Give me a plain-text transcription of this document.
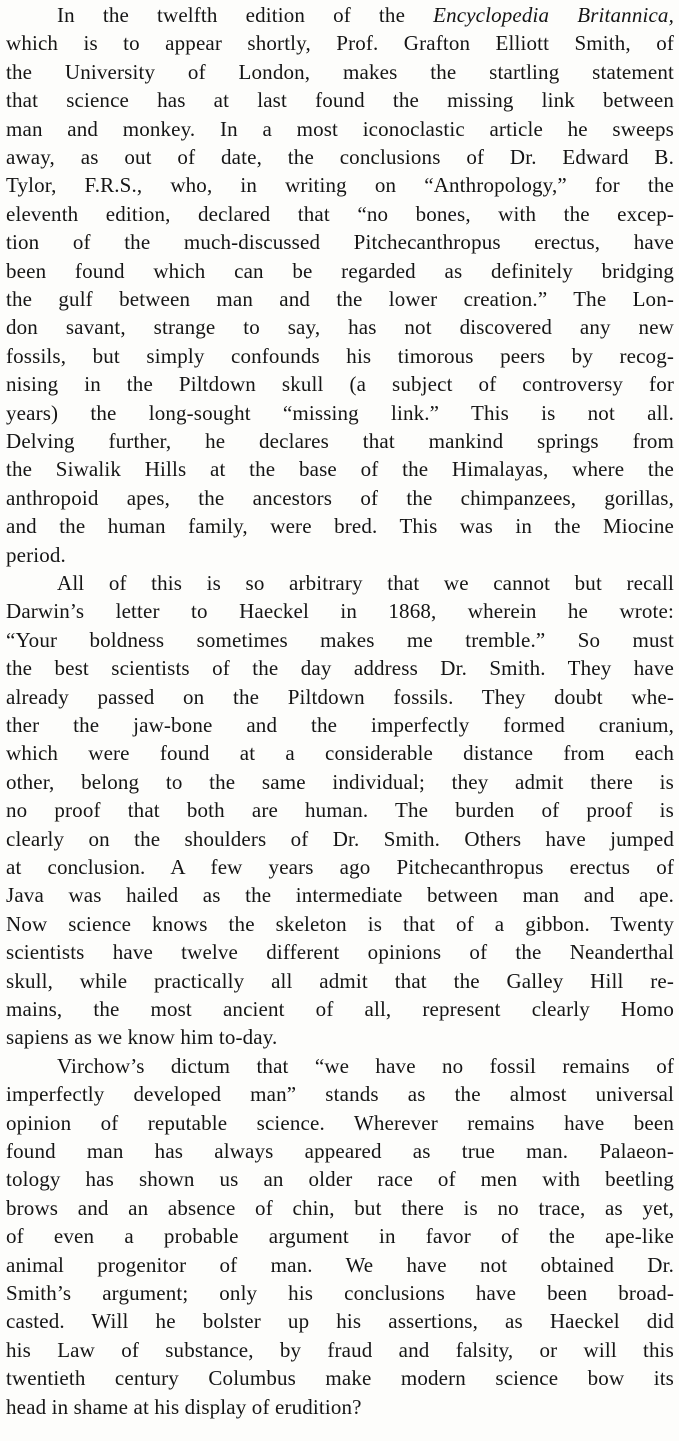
In the twelfth edition of the Encyclopedia Britannica,
which is to appear shortly, Prof. Grafton Elliott Smith, of
the University of London, makes the startling statement
that science has at last found the missing link between
man and monkey. In a most iconoclastic article he sweeps
away, as out of date, the conclusions of Dr. Edward B.
Tylor, F.R.S., who, in writing on “Anthropology,” for the
eleventh edition, declared that “no bones, with the excep-
tion of the much-discussed Pitchecanthropus erectus, have
been found which can be regarded as definitely bridging
the gulf between man and the lower creation.” The Lon-
don savant, strange to say, has not discovered any new
fossils, but simply confounds his timorous peers by recog-
nising in the Piltdown skull (a subject of controversy for
years) the long-sought “missing link.” This is not all.
Delving further, he declares that mankind springs from
the Siwalik Hills at the base of the Himalayas, where the
anthropoid apes, the ancestors of the chimpanzees, gorillas,
and the human family, were bred. This was in the Miocine
period.
All of this is so arbitrary that we cannot but recall
Darwin’s letter to Haeckel in 1868, wherein he wrote:
“Your boldness sometimes makes me tremble.” So must
the best scientists of the day address Dr. Smith. They have
already passed on the Piltdown fossils. They doubt whe-
ther the jaw-bone and the imperfectly formed cranium,
which were found at a considerable distance from each
other, belong to the same individual; they admit there is
no proof that both are human. The burden of proof is
clearly on the shoulders of Dr. Smith. Others have jumped
at conclusion. A few years ago Pitchecanthropus erectus of
Java was hailed as the intermediate between man and ape.
Now science knows the skeleton is that of a gibbon. Twenty
scientists have twelve different opinions of the Neanderthal
skull, while practically all admit that the Galley Hill re-
mains, the most ancient of all, represent clearly Homo
sapiens as we know him to-day.
Virchow’s dictum that “we have no fossil remains of
imperfectly developed man” stands as the almost universal
opinion of reputable science. Wherever remains have been
found man has always appeared as true man. Palaeon-
tology has shown us an older race of men with beetling
brows and an absence of chin, but there is no trace, as yet,
of even a probable argument in favor of the ape-like
animal progenitor of man. We have not obtained Dr.
Smith’s argument; only his conclusions have been broad-
casted. Will he bolster up his assertions, as Haeckel did
his Law of substance, by fraud and falsity, or will this
twentieth century Columbus make modern science bow its
head in shame at his display of erudition?
